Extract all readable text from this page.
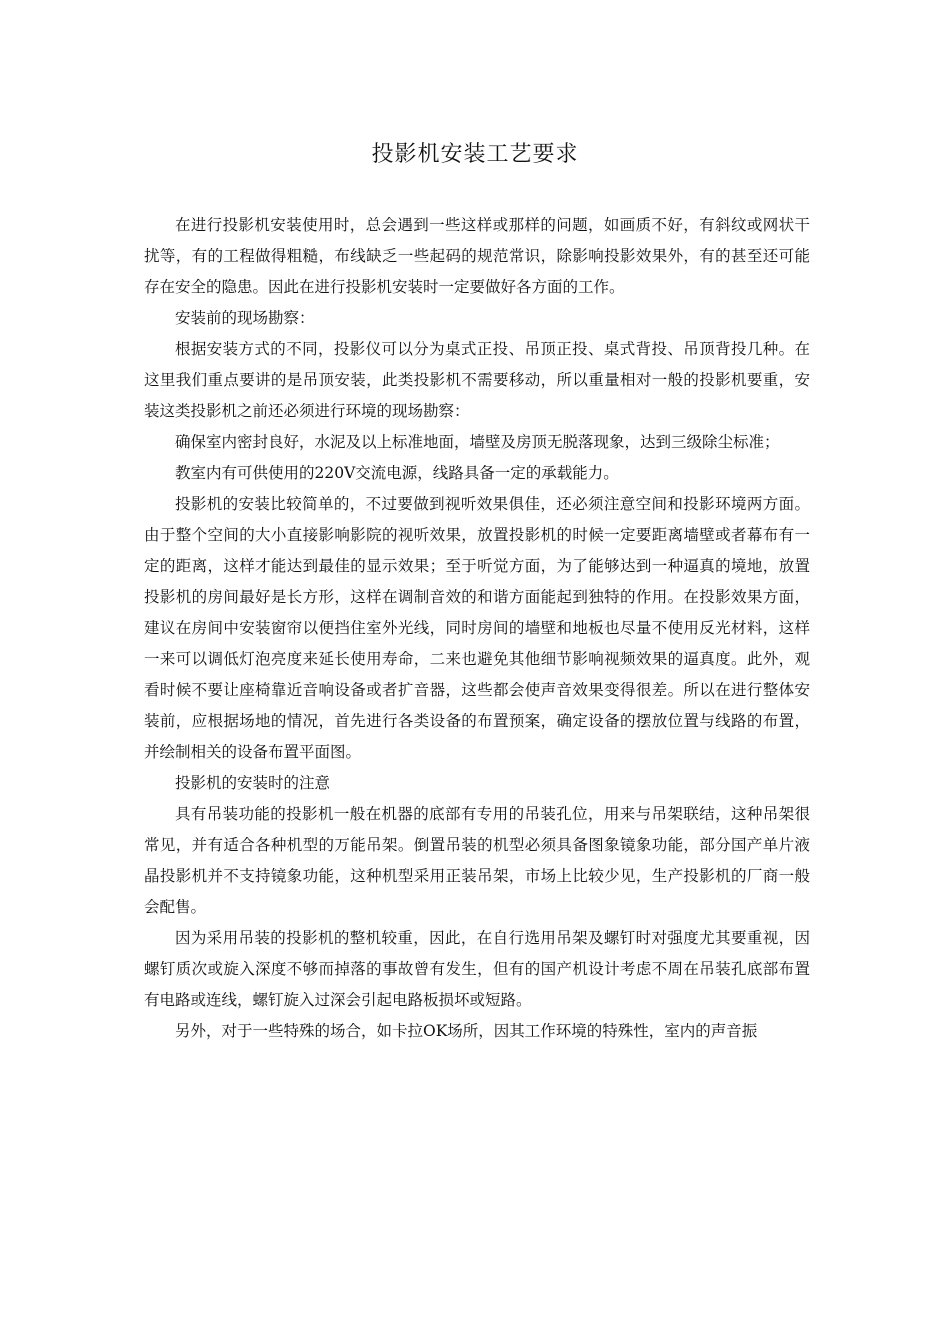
投影机安装工艺要求

在进行投影机安装使用时，总会遇到一些这样或那样的问题，如画质不好，有斜纹或网状干扰等，有的工程做得粗糙，布线缺乏一些起码的规范常识，除影响投影效果外，有的甚至还可能存在安全的隐患。因此在进行投影机安装时一定要做好各方面的工作。

安装前的现场勘察：

根据安装方式的不同，投影仪可以分为桌式正投、吊顶正投、桌式背投、吊顶背投几种。在这里我们重点要讲的是吊顶安装，此类投影机不需要移动，所以重量相对一般的投影机要重，安装这类投影机之前还必须进行环境的现场勘察：

确保室内密封良好，水泥及以上标准地面，墙壁及房顶无脱落现象，达到三级除尘标准；

教室内有可供使用的220V交流电源，线路具备一定的承载能力。

投影机的安装比较简单的，不过要做到视听效果俱佳，还必须注意空间和投影环境两方面。由于整个空间的大小直接影响影院的视听效果，放置投影机的时候一定要距离墙壁或者幕布有一定的距离，这样才能达到最佳的显示效果；至于听觉方面，为了能够达到一种逼真的境地，放置投影机的房间最好是长方形，这样在调制音效的和谐方面能起到独特的作用。在投影效果方面，建议在房间中安装窗帘以便挡住室外光线，同时房间的墙壁和地板也尽量不使用反光材料，这样一来可以调低灯泡亮度来延长使用寿命，二来也避免其他细节影响视频效果的逼真度。此外，观看时候不要让座椅靠近音响设备或者扩音器，这些都会使声音效果变得很差。所以在进行整体安装前，应根据场地的情况，首先进行各类设备的布置预案，确定设备的摆放位置与线路的布置，并绘制相关的设备布置平面图。

投影机的安装时的注意

具有吊装功能的投影机一般在机器的底部有专用的吊装孔位，用来与吊架联结，这种吊架很常见，并有适合各种机型的万能吊架。倒置吊装的机型必须具备图象镜象功能，部分国产单片液晶投影机并不支持镜象功能，这种机型采用正装吊架，市场上比较少见，生产投影机的厂商一般会配售。

因为采用吊装的投影机的整机较重，因此，在自行选用吊架及螺钉时对强度尤其要重视，因螺钉质次或旋入深度不够而掉落的事故曾有发生，但有的国产机设计考虑不周在吊装孔底部布置有电路或连线，螺钉旋入过深会引起电路板损坏或短路。

另外，对于一些特殊的场合，如卡拉OK场所，因其工作环境的特殊性，室内的声音振
